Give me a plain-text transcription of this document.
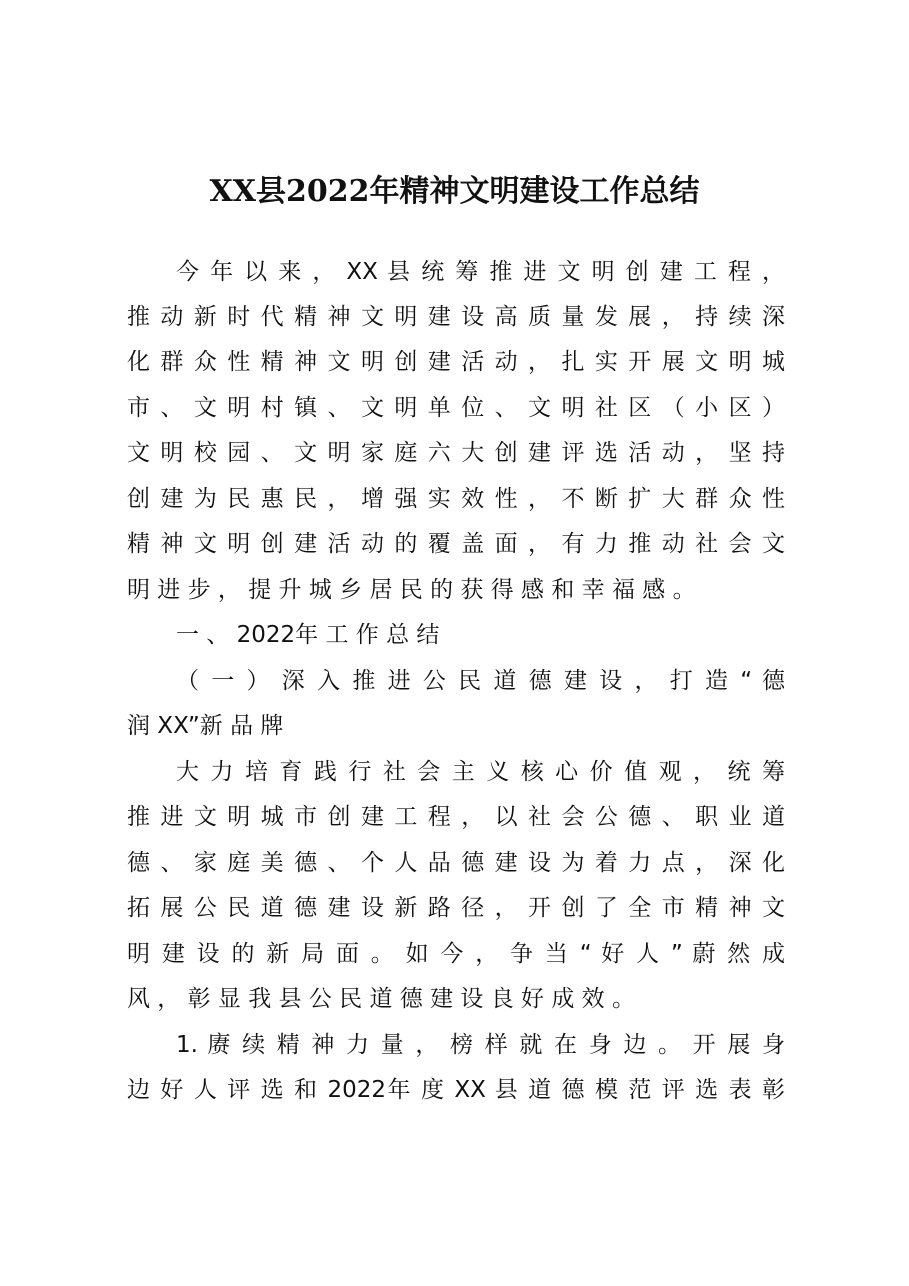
XX县2022年精神文明建设工作总结
今 年 以 来 ， XX 县 统 筹 推 进 文 明 创 建 工 程 ，
推 动 新 时 代 精 神 文 明 建 设 高 质 量 发 展 ， 持 续 深
化 群 众 性 精 神 文 明 创 建 活 动 ， 扎 实 开 展 文 明 城
市 、 文 明 村 镇 、 文 明 单 位 、 文 明 社 区 （ 小 区 ）
文 明 校 园 、 文 明 家 庭 六 大 创 建 评 选 活 动 ， 坚 持
创 建 为 民 惠 民 ， 增 强 实 效 性 ， 不 断 扩 大 群 众 性
精 神 文 明 创 建 活 动 的 覆 盖 面 ， 有 力 推 动 社 会 文
明 进 步 ， 提 升 城 乡 居 民 的 获 得 感 和 幸 福 感 。
一 、 2022年 工 作 总 结
（ 一 ） 深 入 推 进 公 民 道 德 建 设 ， 打 造 “ 德
润 XX”新 品 牌
大 力 培 育 践 行 社 会 主 义 核 心 价 值 观 ， 统 筹
推 进 文 明 城 市 创 建 工 程 ， 以 社 会 公 德 、 职 业 道
德 、 家 庭 美 德 、 个 人 品 德 建 设 为 着 力 点 ， 深 化
拓 展 公 民 道 德 建 设 新 路 径 ， 开 创 了 全 市 精 神 文
明 建 设 的 新 局 面 。 如 今 ， 争 当 “ 好 人 ” 蔚 然 成
风 ， 彰 显 我 县 公 民 道 德 建 设 良 好 成 效 。
1. 赓 续 精 神 力 量 ， 榜 样 就 在 身 边 。 开 展 身
边 好 人 评 选 和 2022年 度 XX 县 道 德 模 范 评 选 表 彰
